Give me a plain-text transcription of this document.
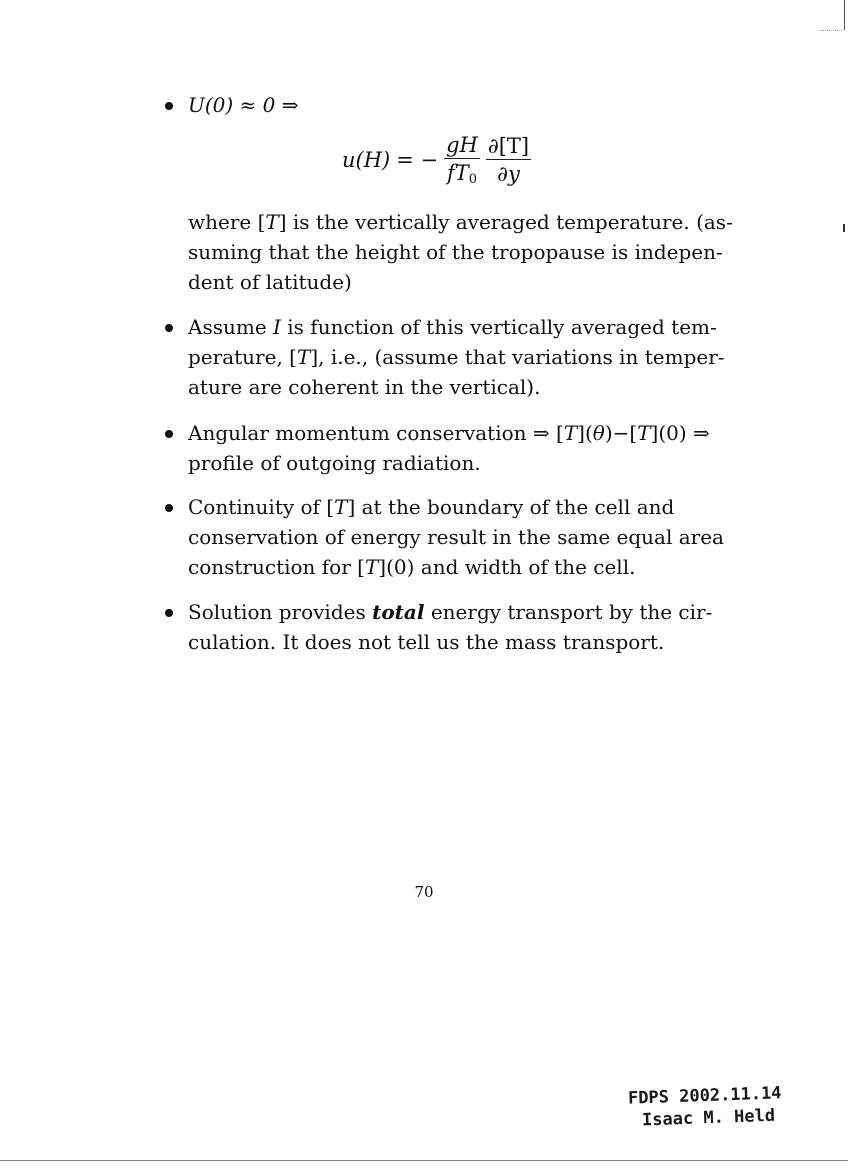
U(0) ≈ 0 ⇒
u(H) = − $\frac{gH}{fT_0} \frac{\partial[T]}{\partial y}$
where [T] is the vertically averaged temperature. (as-
suming that the height of the tropopause is indepen-
dent of latitude)
Assume I is function of this vertically averaged tem-
perature, [T], i.e., (assume that variations in temper-
ature are coherent in the vertical).
Angular momentum conservation ⇒ [T](θ)−[T](0) ⇒
profile of outgoing radiation.
Continuity of [T] at the boundary of the cell and
conservation of energy result in the same equal area
construction for [T](0) and width of the cell.
Solution provides total energy transport by the cir-
culation. It does not tell us the mass transport.
70
FDPS 2002.11.14
Isaac M. Held
